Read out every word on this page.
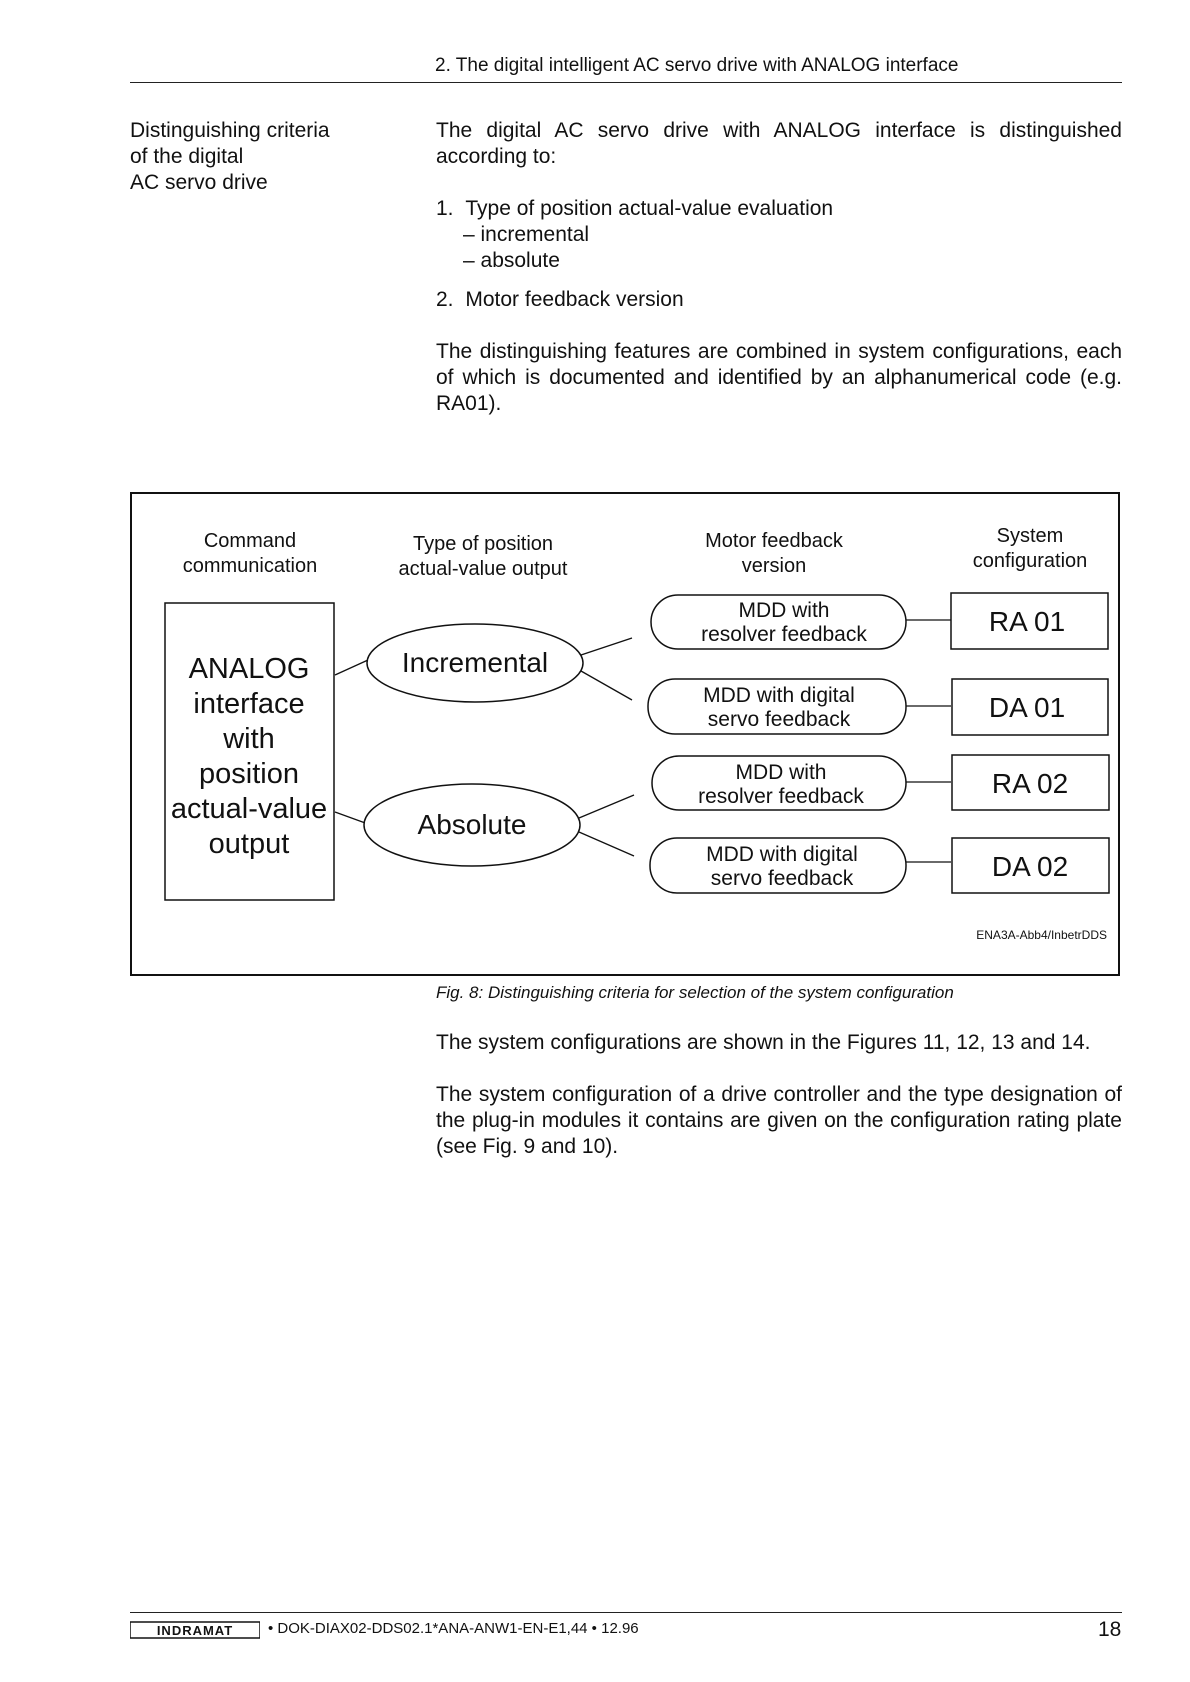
2. The digital intelligent AC servo drive with ANALOG interface
Distinguishing criteria
of the digital
AC servo drive
The digital AC servo drive with ANALOG interface is distinguished according to:
1. Type of position actual-value evaluation
– incremental
– absolute
2. Motor feedback version
The distinguishing features are combined in system configurations, each of which is documented and identified by an alphanumerical code (e.g. RA01).
Command
communication
Type of position
actual-value output
Motor feedback
version
System
configuration
ANALOG
interface
with
position
actual-value
output
Incremental
Absolute
MDD with
resolver feedback
MDD with digital
servo feedback
MDD with
resolver feedback
MDD with digital
servo feedback
RA 01
DA 01
RA 02
DA 02
ENA3A-Abb4/InbetrDDS
Fig. 8: Distinguishing criteria for selection of the system configuration
The system configurations are shown in the Figures 11, 12, 13 and 14.
The system configuration of a drive controller and the type designation of the plug-in modules it contains are given on the configuration rating plate (see Fig. 9 and 10).
INDRAMAT • DOK-DIAX02-DDS02.1*ANA-ANW1-EN-E1,44 • 12.96	18
